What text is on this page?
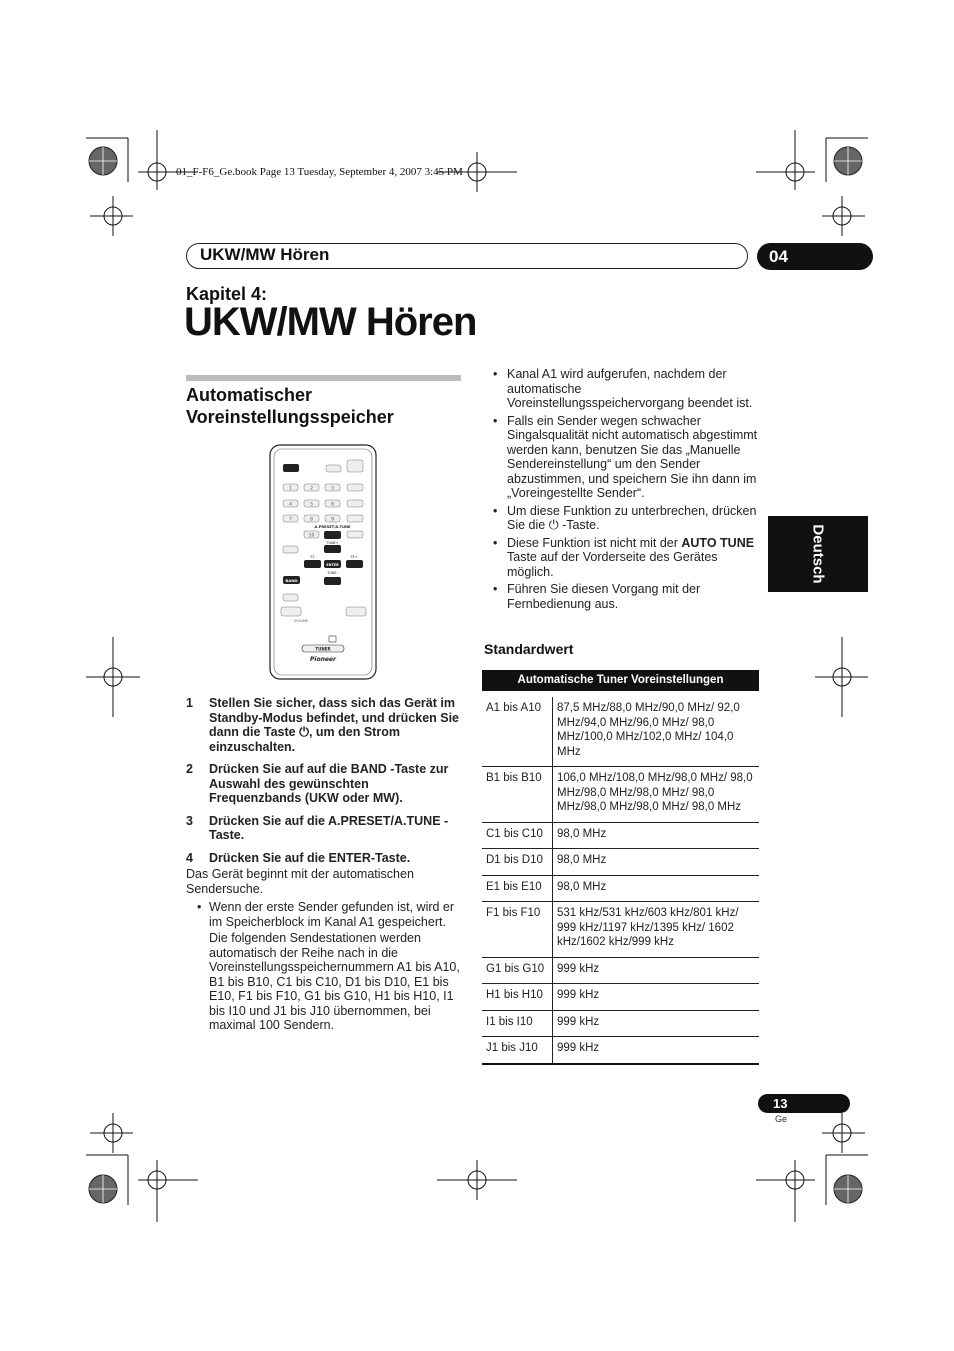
01_F-F6_Ge.book Page 13 Tuesday, September 4, 2007 3:45 PM
UKW/MW Hören	04
Kapitel 4:
UKW/MW Hören
Automatischer Voreinstellungsspeicher
Deutsch
1	2	3
4	5	6
7	8	9
10
A.PRESET/A.TUNE
TUNE+
ST-	ST+
ENTER
TUNE-
BAND
VOLUME
TUNER
Pioneer
1	Stellen Sie sicher, dass sich das Gerät im Standby-Modus befindet, und drücken Sie dann die Taste ⏻, um den Strom einzuschalten.
2	Drücken Sie auf auf die BAND -Taste zur Auswahl des gewünschten Frequenzbands (UKW oder MW).
3	Drücken Sie auf die A.PRESET/A.TUNE -Taste.
4	Drücken Sie auf die ENTER-Taste.
Das Gerät beginnt mit der automatischen Sendersuche.
• Wenn der erste Sender gefunden ist, wird er im Speicherblock im Kanal A1 gespeichert.
Die folgenden Sendestationen werden automatisch der Reihe nach in die Voreinstellungsspeichernummern A1 bis A10, B1 bis B10, C1 bis C10, D1 bis D10, E1 bis E10, F1 bis F10, G1 bis G10, H1 bis H10, I1 bis I10 und J1 bis J10 übernommen, bei maximal 100 Sendern.
• Kanal A1 wird aufgerufen, nachdem der automatische Voreinstellungsspeichervorgang beendet ist.
• Falls ein Sender wegen schwacher Singalsqualität nicht automatisch abgestimmt werden kann, benutzen Sie das „Manuelle Sendereinstellung“ um den Sender abzustimmen, und speichern Sie ihn dann im „Voreingestellte Sender“.
• Um diese Funktion zu unterbrechen, drücken Sie die ⏻ -Taste.
• Diese Funktion ist nicht mit der AUTO TUNE Taste auf der Vorderseite des Gerätes möglich.
• Führen Sie diesen Vorgang mit der Fernbedienung aus.
Standardwert
Automatische Tuner Voreinstellungen	
A1 bis A10	87,5 MHz/88,0 MHz/90,0 MHz/ 92,0 MHz/94,0 MHz/96,0 MHz/ 98,0 MHz/100,0 MHz/102,0 MHz/ 104,0 MHz
B1 bis B10	106,0 MHz/108,0 MHz/98,0 MHz/ 98,0 MHz/98,0 MHz/98,0 MHz/ 98,0 MHz/98,0 MHz/98,0 MHz/ 98,0 MHz
C1 bis C10	98,0 MHz
D1 bis D10	98,0 MHz
E1 bis E10	98,0 MHz
F1 bis F10	531 kHz/531 kHz/603 kHz/801 kHz/ 999 kHz/1197 kHz/1395 kHz/ 1602 kHz/1602 kHz/999 kHz
G1 bis G10	999 kHz
H1 bis H10	999 kHz
I1 bis I10	999 kHz
J1 bis J10	999 kHz
13
Ge
